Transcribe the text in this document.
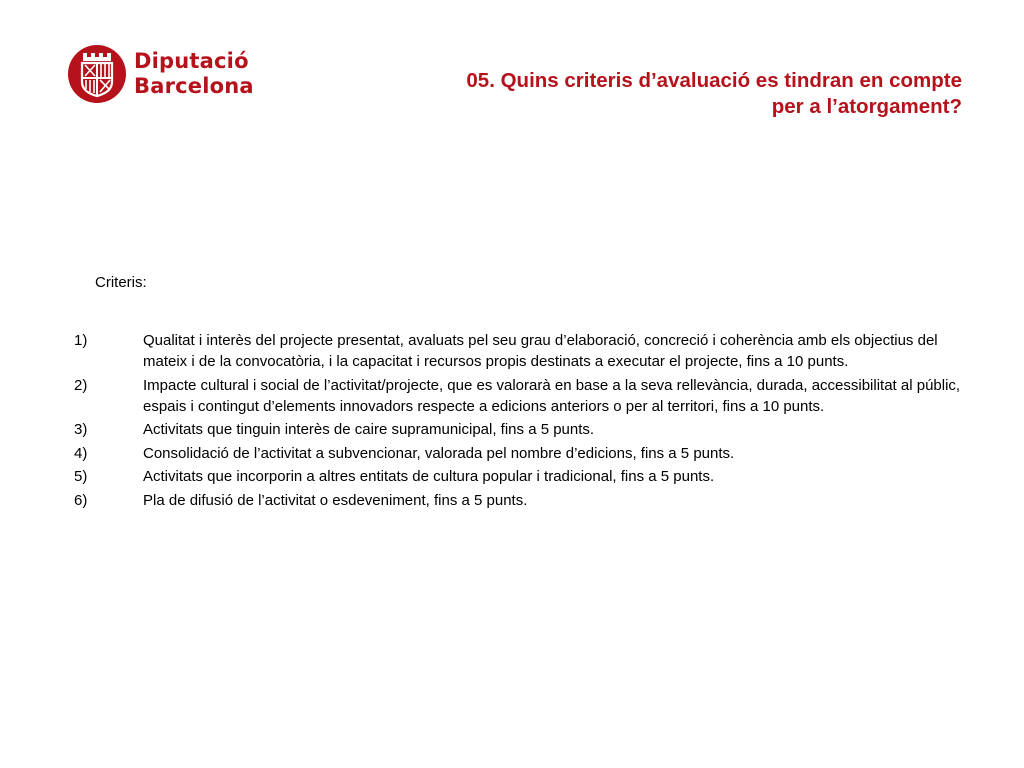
Diputació
Barcelona	05. Quins criteris d’avaluació es tindran en compte
per a l’atorgament?
Criteris:
1)	Qualitat i interès del projecte presentat, avaluats pel seu grau d’elaboració, concreció i coherència amb els objectius del mateix i de la convocatòria, i la capacitat i recursos propis destinats a executar el projecte, fins a 10 punts.
2)	Impacte cultural i social de l’activitat/projecte, que es valorarà en base a la seva rellevància, durada, accessibilitat al públic, espais i contingut d’elements innovadors respecte a edicions anteriors o per al territori, fins a 10 punts.
3)	Activitats que tinguin interès de caire supramunicipal, fins a 5 punts.
4)	Consolidació de l’activitat a subvencionar, valorada pel nombre d’edicions, fins a 5 punts.
5)	Activitats que incorporin a altres entitats de cultura popular i tradicional, fins a 5 punts.
6)	Pla de difusió de l’activitat o esdeveniment, fins a 5 punts.
